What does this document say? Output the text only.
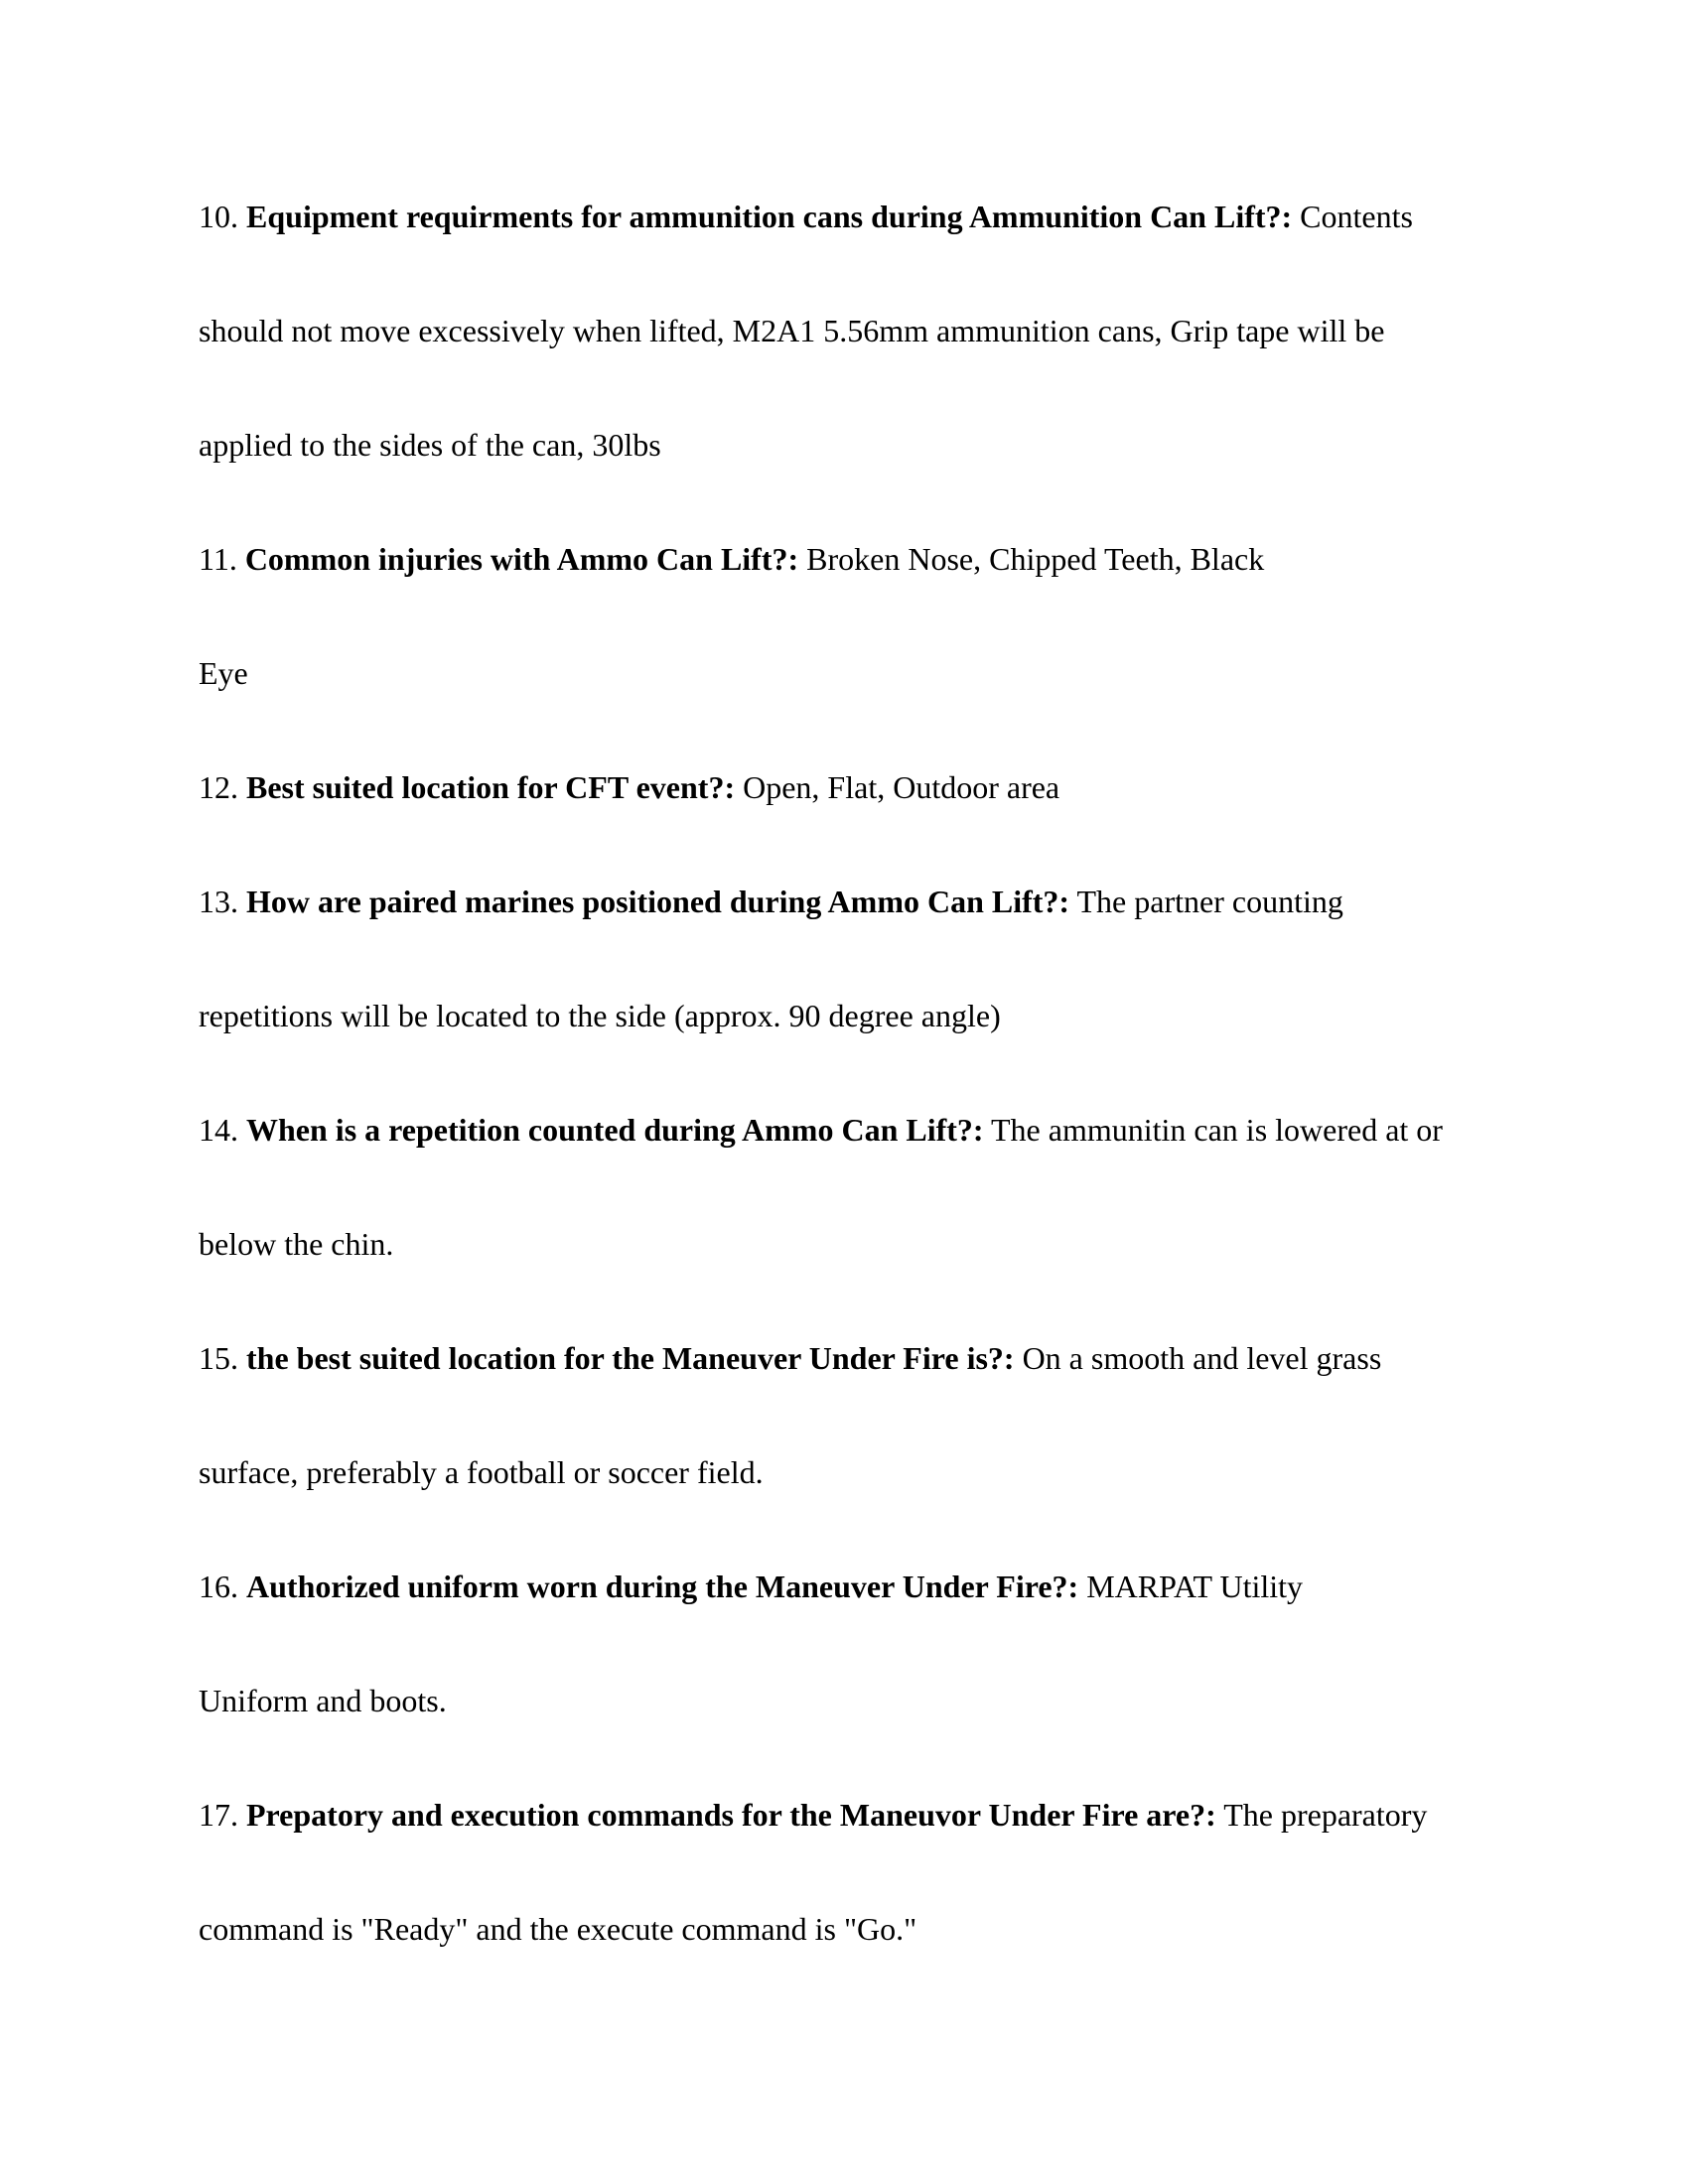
10. Equipment requirments for ammunition cans during Ammunition Can Lift?: Contents
should not move excessively when lifted, M2A1 5.56mm ammunition cans, Grip tape will be
applied to the sides of the can, 30lbs
11. Common injuries with Ammo Can Lift?: Broken Nose, Chipped Teeth, Black
Eye
12. Best suited location for CFT event?: Open, Flat, Outdoor area
13. How are paired marines positioned during Ammo Can Lift?: The partner counting
repetitions will be located to the side (approx. 90 degree angle)
14. When is a repetition counted during Ammo Can Lift?: The ammunitin can is lowered at or
below the chin.
15. the best suited location for the Maneuver Under Fire is?: On a smooth and level grass
surface, preferably a football or soccer field.
16. Authorized uniform worn during the Maneuver Under Fire?: MARPAT Utility
Uniform and boots.
17. Prepatory and execution commands for the Maneuvor Under Fire are?: The preparatory
command is "Ready" and the execute command is "Go."
